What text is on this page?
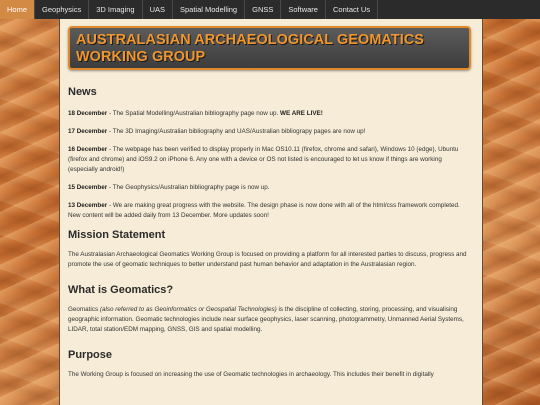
Home	Geophysics	3D Imaging	UAS	Spatial Modelling	GNSS	Software	Contact Us
AUSTRALASIAN ARCHAEOLOGICAL GEOMATICS
WORKING GROUP
News

18 December - The Spatial Modelling/Australian bibliography page now up. WE ARE LIVE!

17 December - The 3D Imaging/Australian bibliography and UAS/Australian bibliograpy pages are now up!

16 December - The webpage has been verified to display properly in Mac OS10.11 (firefox, chrome and safari), Windows 10 (edge), Ubuntu (firefox and chrome) and iOS9.2 on iPhone 6. Any one with a device or OS not listed is encouraged to let us know if things are working (especially android!)

15 December - The Geophysics/Australian bibliography page is now up.

13 December - We are making great progress with the website. The design phase is now done with all of the html/css framework completed. New content will be added daily from 13 December. More updates soon!

Mission Statement

The Australasian Archaeological Geomatics Working Group is focused on providing a platform for all interested parties to discuss, progress and promote the use of geomatic techniques to better understand past human behavior and adaptation in the Australasian region.

What is Geomatics?

Geomatics (also referred to as Geoinformatics or Geospatial Technologies) is the discipline of collecting, storing, processing, and visualising geographic information. Geomatic technologies include near surface geophysics, laser scanning, photogrammetry, Unmanned Aerial Systems, LIDAR, total station/EDM mapping, GNSS, GIS and spatial modelling.

Purpose

The Working Group is focused on increasing the use of Geomatic technologies in archaeology. This includes their benefit in digitally
